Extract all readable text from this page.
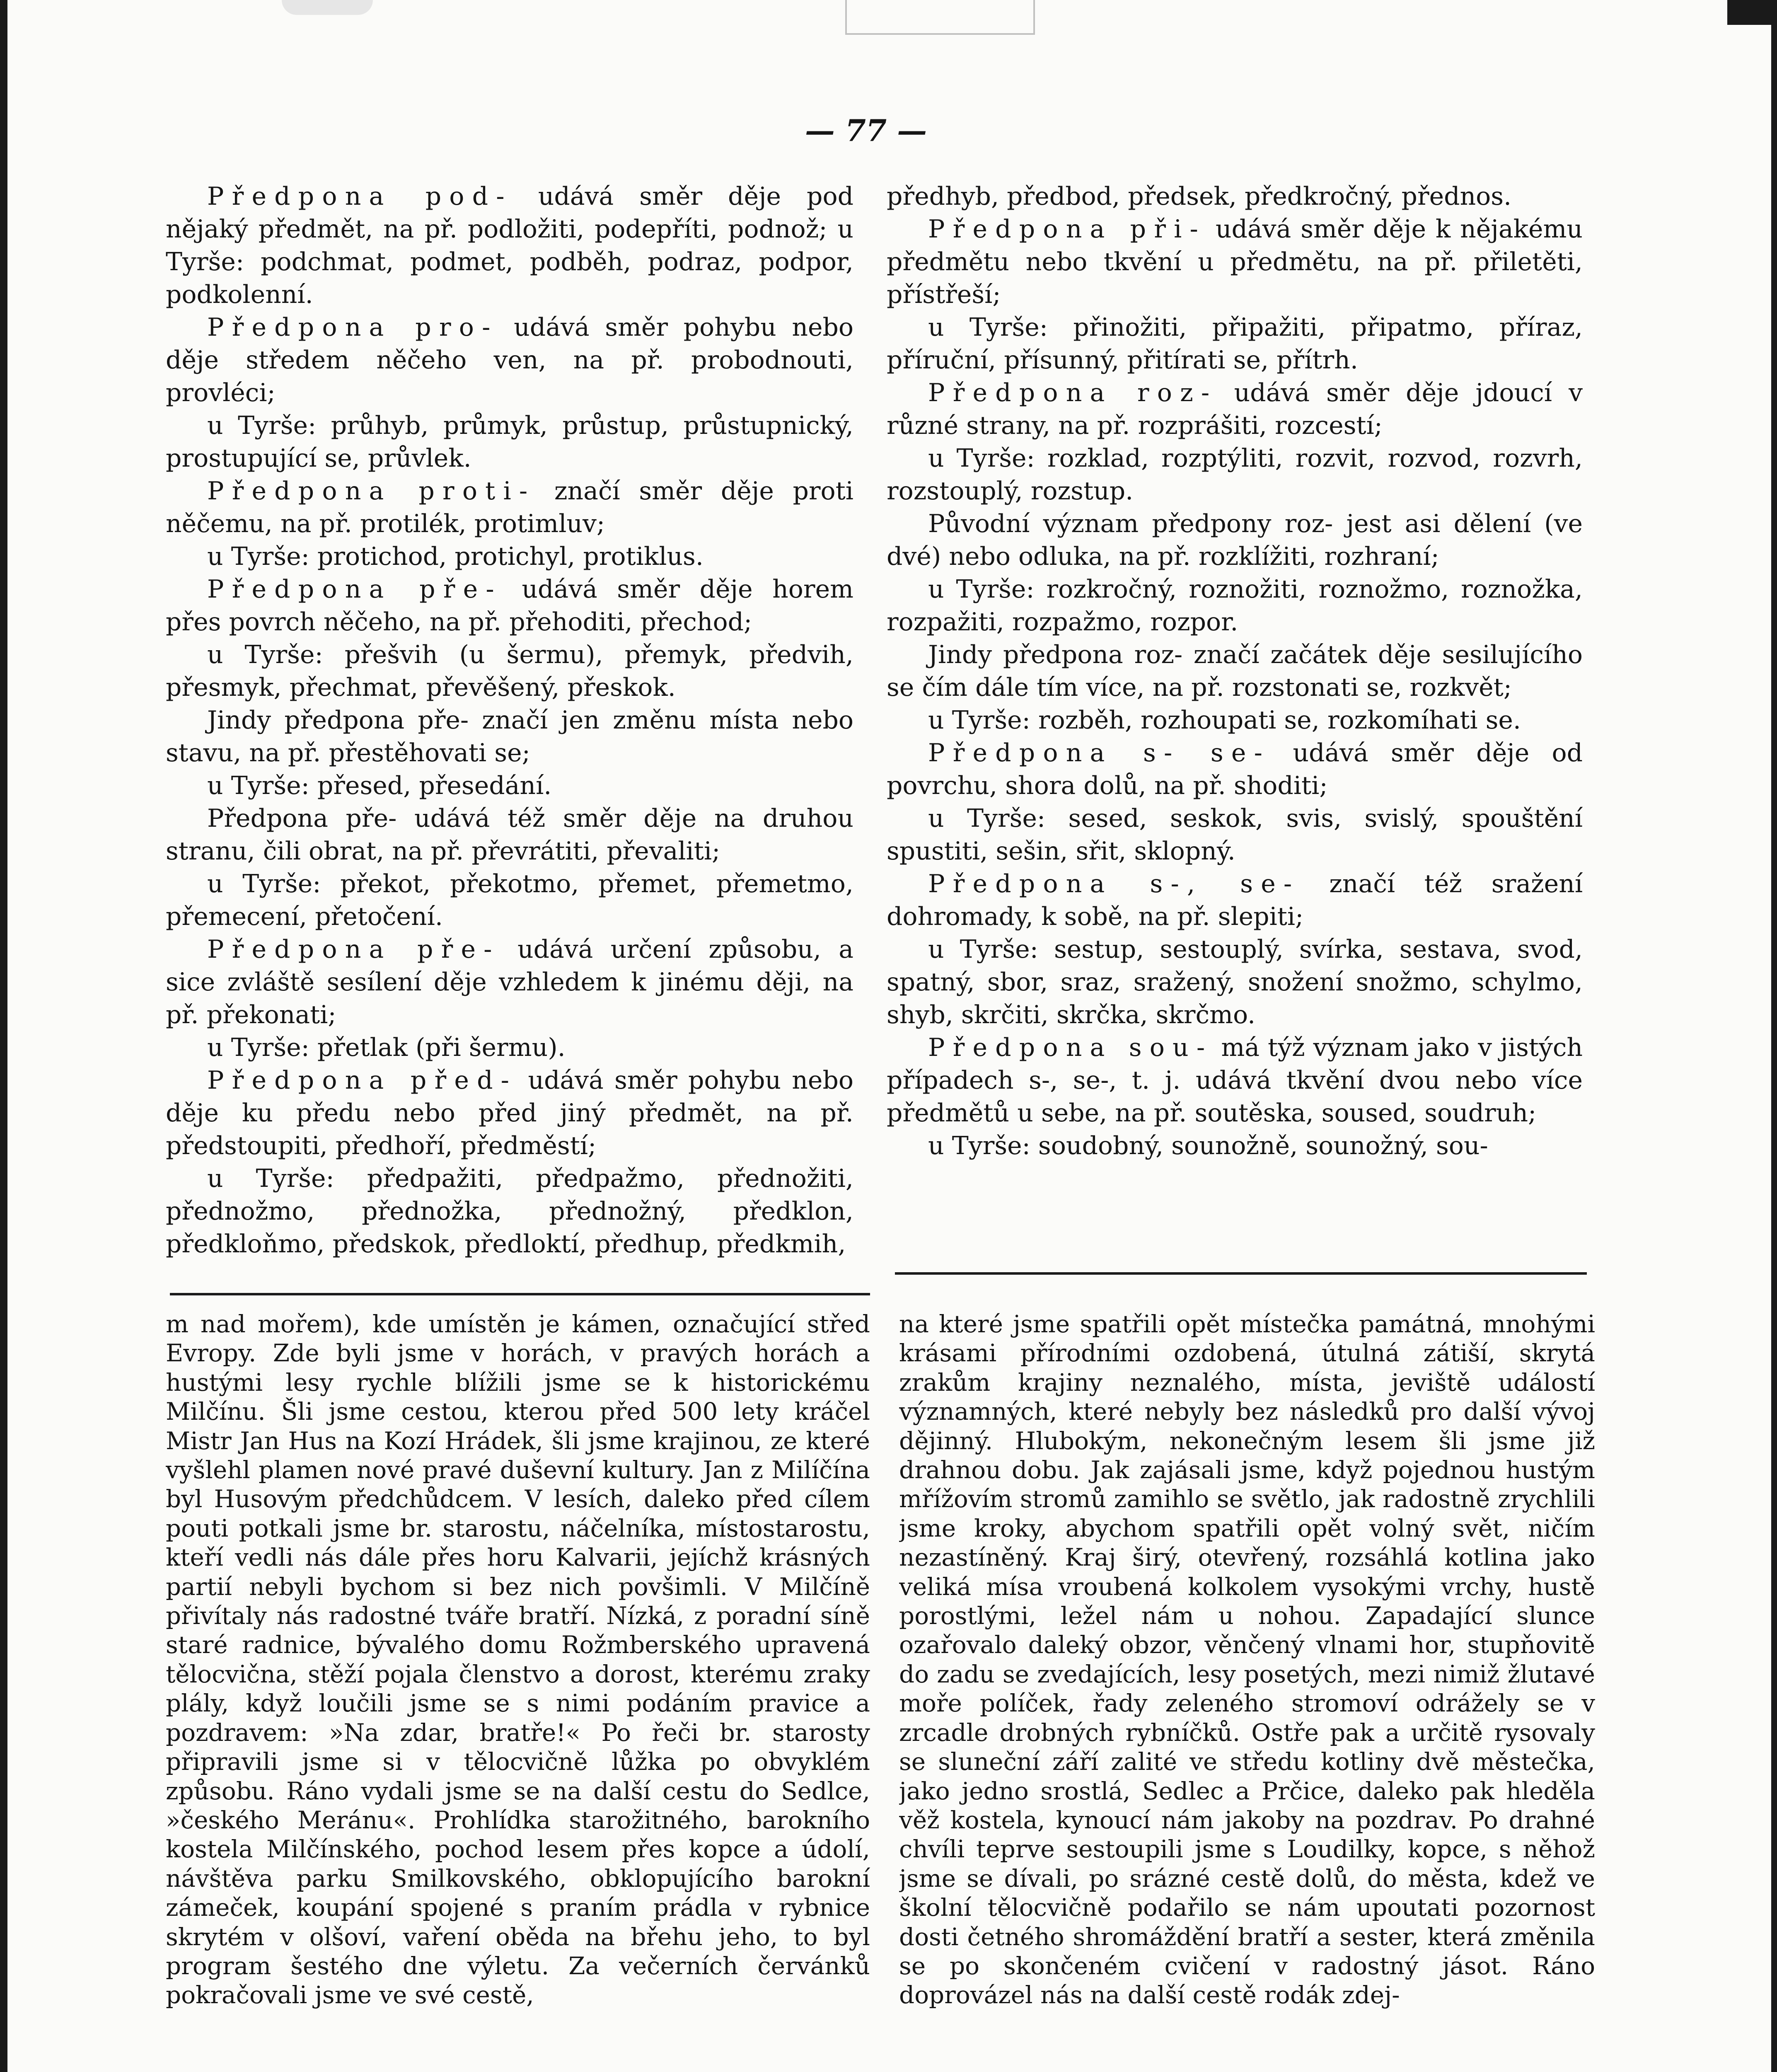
— 77 —

Předpona pod- udává směr děje pod nějaký předmět, na př. podložiti, podepříti, podnož; u Tyrše: podchmat, podmet, podběh, podraz, podpor, podkolenní.

Předpona pro- udává směr pohybu nebo děje středem něčeho ven, na př. probodnouti, provléci;

u Tyrše: průhyb, průmyk, průstup, průstupnický, prostupující se, průvlek.

Předpona proti- značí směr děje proti něčemu, na př. protilék, protimluv;

u Tyrše: protichod, protichyl, protiklus.

Předpona pře- udává směr děje horem přes povrch něčeho, na př. přehoditi, přechod;

u Tyrše: přešvih (u šermu), přemyk, předvih, přesmyk, přechmat, převěšený, přeskok.

Jindy předpona pře- značí jen změnu místa nebo stavu, na př. přestěhovati se;

u Tyrše: přesed, přesedání.

Předpona pře- udává též směr děje na druhou stranu, čili obrat, na př. převrátiti, převaliti;

u Tyrše: překot, překotmo, přemet, přemetmo, přemecení, přetočení.

Předpona pře- udává určení způsobu, a sice zvláště sesílení děje vzhledem k jinému ději, na př. překonati;

u Tyrše: přetlak (při šermu).

Předpona před- udává směr pohybu nebo děje ku předu nebo před jiný předmět, na př. předstoupiti, předhoří, předměstí;

u Tyrše: předpažiti, předpažmo, přednožiti, přednožmo, přednožka, přednožný, předklon, předkloňmo, předskok, předloktí, předhup, předkmih,

předhyb, předbod, předsek, předkročný, přednos.

Předpona při- udává směr děje k nějakému předmětu nebo tkvění u předmětu, na př. přiletěti, přístřeší;

u Tyrše: přinožiti, připažiti, připatmo, příraz, příruční, přísunný, přitírati se, přítrh.

Předpona roz- udává směr děje jdoucí v různé strany, na př. rozprášiti, rozcestí;

u Tyrše: rozklad, rozptýliti, rozvit, rozvod, rozvrh, rozstouplý, rozstup.

Původní význam předpony roz- jest asi dělení (ve dvé) nebo odluka, na př. rozklížiti, rozhraní;

u Tyrše: rozkročný, roznožiti, roznožmo, roznožka, rozpažiti, rozpažmo, rozpor.

Jindy předpona roz- značí začátek děje sesilujícího se čím dále tím více, na př. rozstonati se, rozkvět;

u Tyrše: rozběh, rozhoupati se, rozkomíhati se.

Předpona s- se- udává směr děje od povrchu, shora dolů, na př. shoditi;

u Tyrše: sesed, seskok, svis, svislý, spouštění spustiti, sešin, sřit, sklopný.

Předpona s-, se- značí též sražení dohromady, k sobě, na př. slepiti;

u Tyrše: sestup, sestouplý, svírka, sestava, svod, spatný, sbor, sraz, sražený, snožení snožmo, schylmo, shyb, skrčiti, skrčka, skrčmo.

Předpona sou- má týž význam jako v jistých případech s-, se-, t. j. udává tkvění dvou nebo více předmětů u sebe, na př. soutěska, soused, soudruh;

u Tyrše: soudobný, sounožně, sounožný, sou-

m nad mořem), kde umístěn je kámen, označující střed Evropy. Zde byli jsme v horách, v pravých horách a hustými lesy rychle blížili jsme se k historickému Milčínu. Šli jsme cestou, kterou před 500 lety kráčel Mistr Jan Hus na Kozí Hrádek, šli jsme krajinou, ze které vyšlehl plamen nové pravé duševní kultury. Jan z Milíčína byl Husovým předchůdcem. V lesích, daleko před cílem pouti potkali jsme br. starostu, náčelníka, místostarostu, kteří vedli nás dále přes horu Kalvarii, jejíchž krásných partií nebyli bychom si bez nich povšimli. V Milčíně přivítaly nás radostné tváře bratří. Nízká, z poradní síně staré radnice, bývalého domu Rožmberského upravená tělocvična, stěží pojala členstvo a dorost, kterému zraky plály, když loučili jsme se s nimi podáním pravice a pozdravem: »Na zdar, bratře!« Po řeči br. starosty připravili jsme si v tělocvičně lůžka po obvyklém způsobu. Ráno vydali jsme se na další cestu do Sedlce, »českého Meránu«. Prohlídka starožitného, barokního kostela Milčínského, pochod lesem přes kopce a údolí, návštěva parku Smilkovského, obklopujícího barokní zámeček, koupání spojené s praním prádla v rybnice skrytém v olšoví, vaření oběda na břehu jeho, to byl program šestého dne výletu. Za večerních červánků pokračovali jsme ve své cestě,

na které jsme spatřili opět místečka památná, mnohými krásami přírodními ozdobená, útulná zátiší, skrytá zrakům krajiny neznalého, místa, jeviště událostí významných, které nebyly bez následků pro další vývoj dějinný. Hlubokým, nekonečným lesem šli jsme již drahnou dobu. Jak zajásali jsme, když pojednou hustým mřížovím stromů zamihlo se světlo, jak radostně zrychlili jsme kroky, abychom spatřili opět volný svět, ničím nezastíněný. Kraj širý, otevřený, rozsáhlá kotlina jako veliká mísa vroubená kolkolem vysokými vrchy, hustě porostlými, ležel nám u nohou. Zapadající slunce ozařovalo daleký obzor, věnčený vlnami hor, stupňovitě do zadu se zvedajících, lesy posetých, mezi nimiž žlutavé moře políček, řady zeleného stromoví odrážely se v zrcadle drobných rybníčků. Ostře pak a určitě rysovaly se sluneční září zalité ve středu kotliny dvě městečka, jako jedno srostlá, Sedlec a Prčice, daleko pak hleděla věž kostela, kynoucí nám jakoby na pozdrav. Po drahné chvíli teprve sestoupili jsme s Loudilky, kopce, s něhož jsme se dívali, po srázné cestě dolů, do města, kdež ve školní tělocvičně podařilo se nám upoutati pozornost dosti četného shromáždění bratří a sester, která změnila se po skončeném cvičení v radostný jásot. Ráno doprovázel nás na další cestě rodák zdej-
